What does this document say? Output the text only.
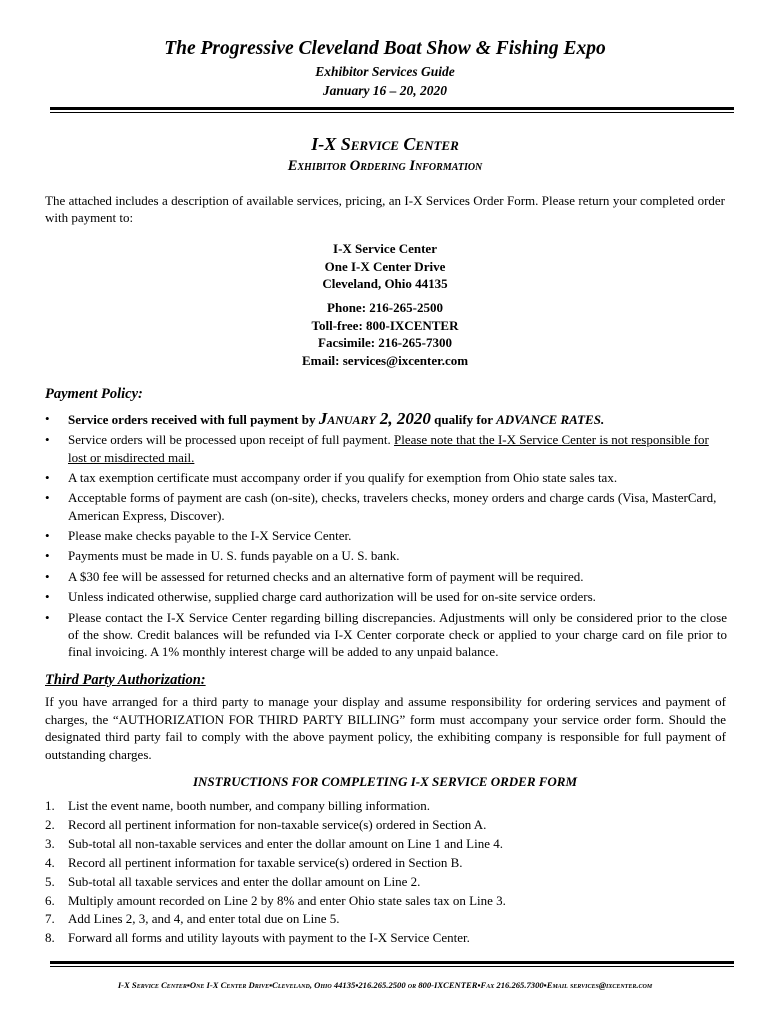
The Progressive Cleveland Boat Show & Fishing Expo
Exhibitor Services Guide
January 16 – 20, 2020
I-X Service Center
Exhibitor Ordering Information
The attached includes a description of available services, pricing, an I-X Services Order Form. Please return your completed order with payment to:
I-X Service Center
One I-X Center Drive
Cleveland, Ohio 44135
Phone: 216-265-2500
Toll-free: 800-IXCENTER
Facsimile: 216-265-7300
Email: services@ixcenter.com
Payment Policy:
• Service orders received with full payment by January 2, 2020 qualify for ADVANCE RATES.
• Service orders will be processed upon receipt of full payment. Please note that the I-X Service Center is not responsible for lost or misdirected mail.
• A tax exemption certificate must accompany order if you qualify for exemption from Ohio state sales tax.
• Acceptable forms of payment are cash (on-site), checks, travelers checks, money orders and charge cards (Visa, MasterCard, American Express, Discover).
• Please make checks payable to the I-X Service Center.
• Payments must be made in U. S. funds payable on a U. S. bank.
• A $30 fee will be assessed for returned checks and an alternative form of payment will be required.
• Unless indicated otherwise, supplied charge card authorization will be used for on-site service orders.
• Please contact the I-X Service Center regarding billing discrepancies. Adjustments will only be considered prior to the close of the show. Credit balances will be refunded via I-X Center corporate check or applied to your charge card on file prior to final invoicing. A 1% monthly interest charge will be added to any unpaid balance.
Third Party Authorization:
If you have arranged for a third party to manage your display and assume responsibility for ordering services and payment of charges, the “AUTHORIZATION FOR THIRD PARTY BILLING” form must accompany your service order form. Should the designated third party fail to comply with the above payment policy, the exhibiting company is responsible for full payment of outstanding charges.
INSTRUCTIONS FOR COMPLETING I-X SERVICE ORDER FORM
1. List the event name, booth number, and company billing information.
2. Record all pertinent information for non-taxable service(s) ordered in Section A.
3. Sub-total all non-taxable services and enter the dollar amount on Line 1 and Line 4.
4. Record all pertinent information for taxable service(s) ordered in Section B.
5. Sub-total all taxable services and enter the dollar amount on Line 2.
6. Multiply amount recorded on Line 2 by 8% and enter Ohio state sales tax on Line 3.
7. Add Lines 2, 3, and 4, and enter total due on Line 5.
8. Forward all forms and utility layouts with payment to the I-X Service Center.
I-X Service Center▪One I-X Center Drive▪Cleveland, Ohio 44135▪216.265.2500 or 800-IXCENTER▪Fax 216.265.7300▪Email services@ixcenter.com
